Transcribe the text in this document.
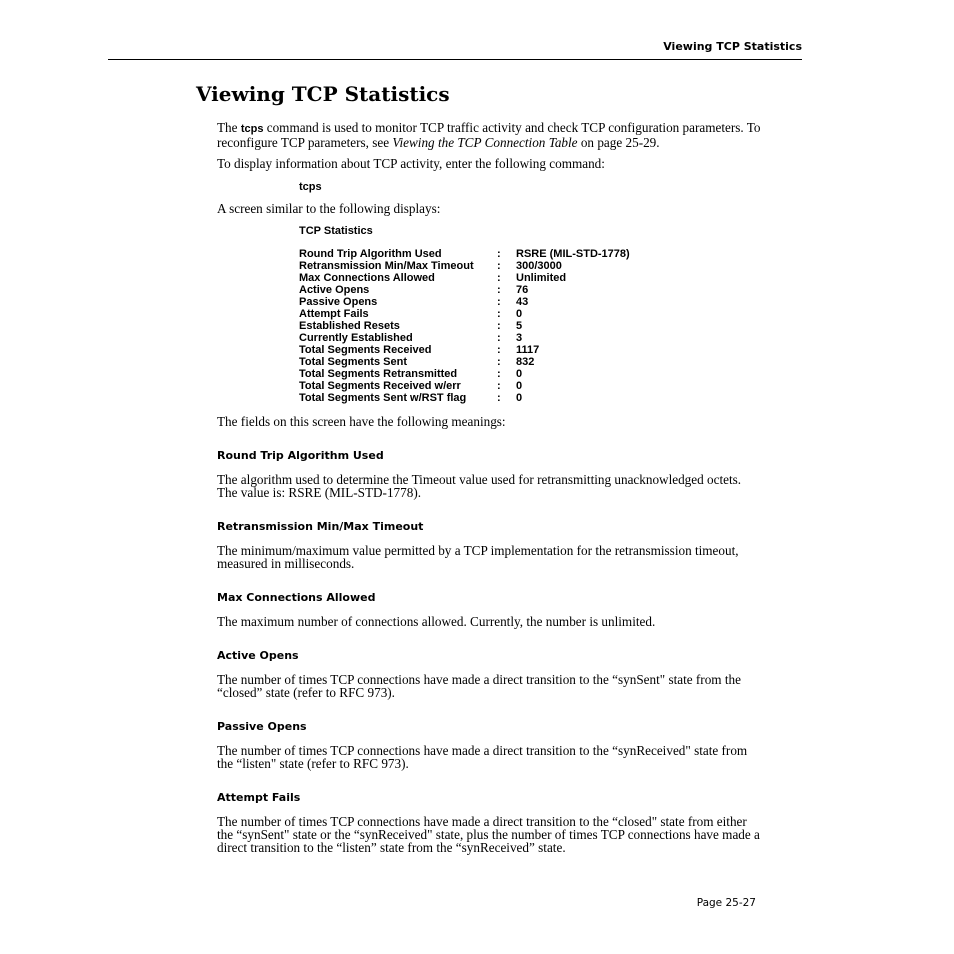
Viewing TCP Statistics
Viewing TCP Statistics

The tcps command is used to monitor TCP traffic activity and check TCP configuration parameters. To reconfigure TCP parameters, see Viewing the TCP Connection Table on page 25-29.

To display information about TCP activity, enter the following command:

tcps

A screen similar to the following displays:

TCP Statistics
Round Trip Algorithm Used	:	RSRE (MIL-STD-1778)
Retransmission Min/Max Timeout	:	300/3000
Max Connections Allowed	:	Unlimited
Active Opens	:	76
Passive Opens	:	43
Attempt Fails	:	0
Established Resets	:	5
Currently Established	:	3
Total Segments Received	:	1117
Total Segments Sent	:	832
Total Segments Retransmitted	:	0
Total Segments Received w/err	:	0
Total Segments Sent w/RST flag	:	0

The fields on this screen have the following meanings:

Round Trip Algorithm Used

The algorithm used to determine the Timeout value used for retransmitting unacknowledged octets. The value is: RSRE (MIL-STD-1778).

Retransmission Min/Max Timeout

The minimum/maximum value permitted by a TCP implementation for the retransmission timeout, measured in milliseconds.

Max Connections Allowed

The maximum number of connections allowed. Currently, the number is unlimited.

Active Opens

The number of times TCP connections have made a direct transition to the “synSent" state from the “closed” state (refer to RFC 973).

Passive Opens

The number of times TCP connections have made a direct transition to the “synReceived" state from the “listen" state (refer to RFC 973).

Attempt Fails

The number of times TCP connections have made a direct transition to the “closed" state from either the “synSent" state or the “synReceived" state, plus the number of times TCP connections have made a direct transition to the “listen” state from the “synReceived” state.

Page 25-27
